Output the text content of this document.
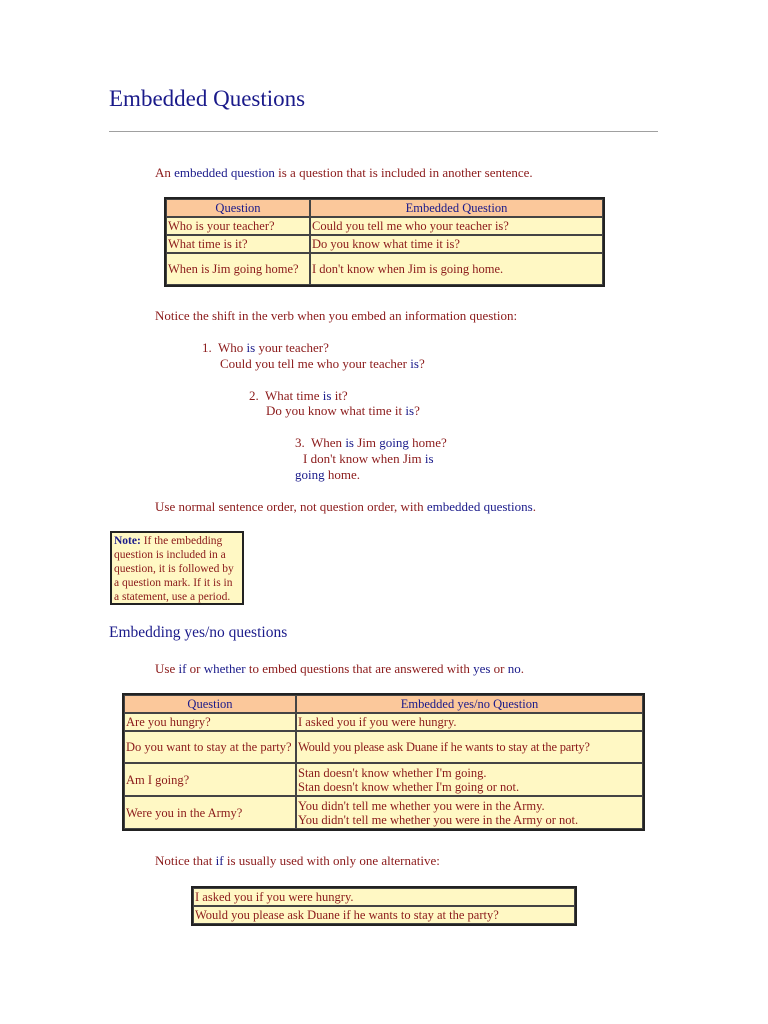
Embedded Questions

An embedded question is a question that is included in another sentence.

Question	Embedded Question
Who is your teacher?	Could you tell me who your teacher is?
What time is it?	Do you know what time it is?
When is Jim going home?	I don't know when Jim is going home.

Notice the shift in the verb when you embed an information question:

1. Who is your teacher?
Could you tell me who your teacher is?
2. What time is it?
Do you know what time it is?
3. When is Jim going home?
I don't know when Jim is
going home.

Use normal sentence order, not question order, with embedded questions.

Note: If the embedding question is included in a question, it is followed by a question mark. If it is in a statement, use a period.
Embedding yes/no questions

Use if or whether to embed questions that are answered with yes or no.

Question	Embedded yes/no Question
Are you hungry?	I asked you if you were hungry.
Do you want to stay at the party?	Would you please ask Duane if he wants to stay at the party?
Am I going?	Stan doesn't know whether I'm going.
Stan doesn't know whether I'm going or not.

Were you in the Army?	You didn't tell me whether you were in the Army.
You didn't tell me whether you were in the Army or not.

Notice that if is usually used with only one alternative:

I asked you if you were hungry.
Would you please ask Duane if he wants to stay at the party?
